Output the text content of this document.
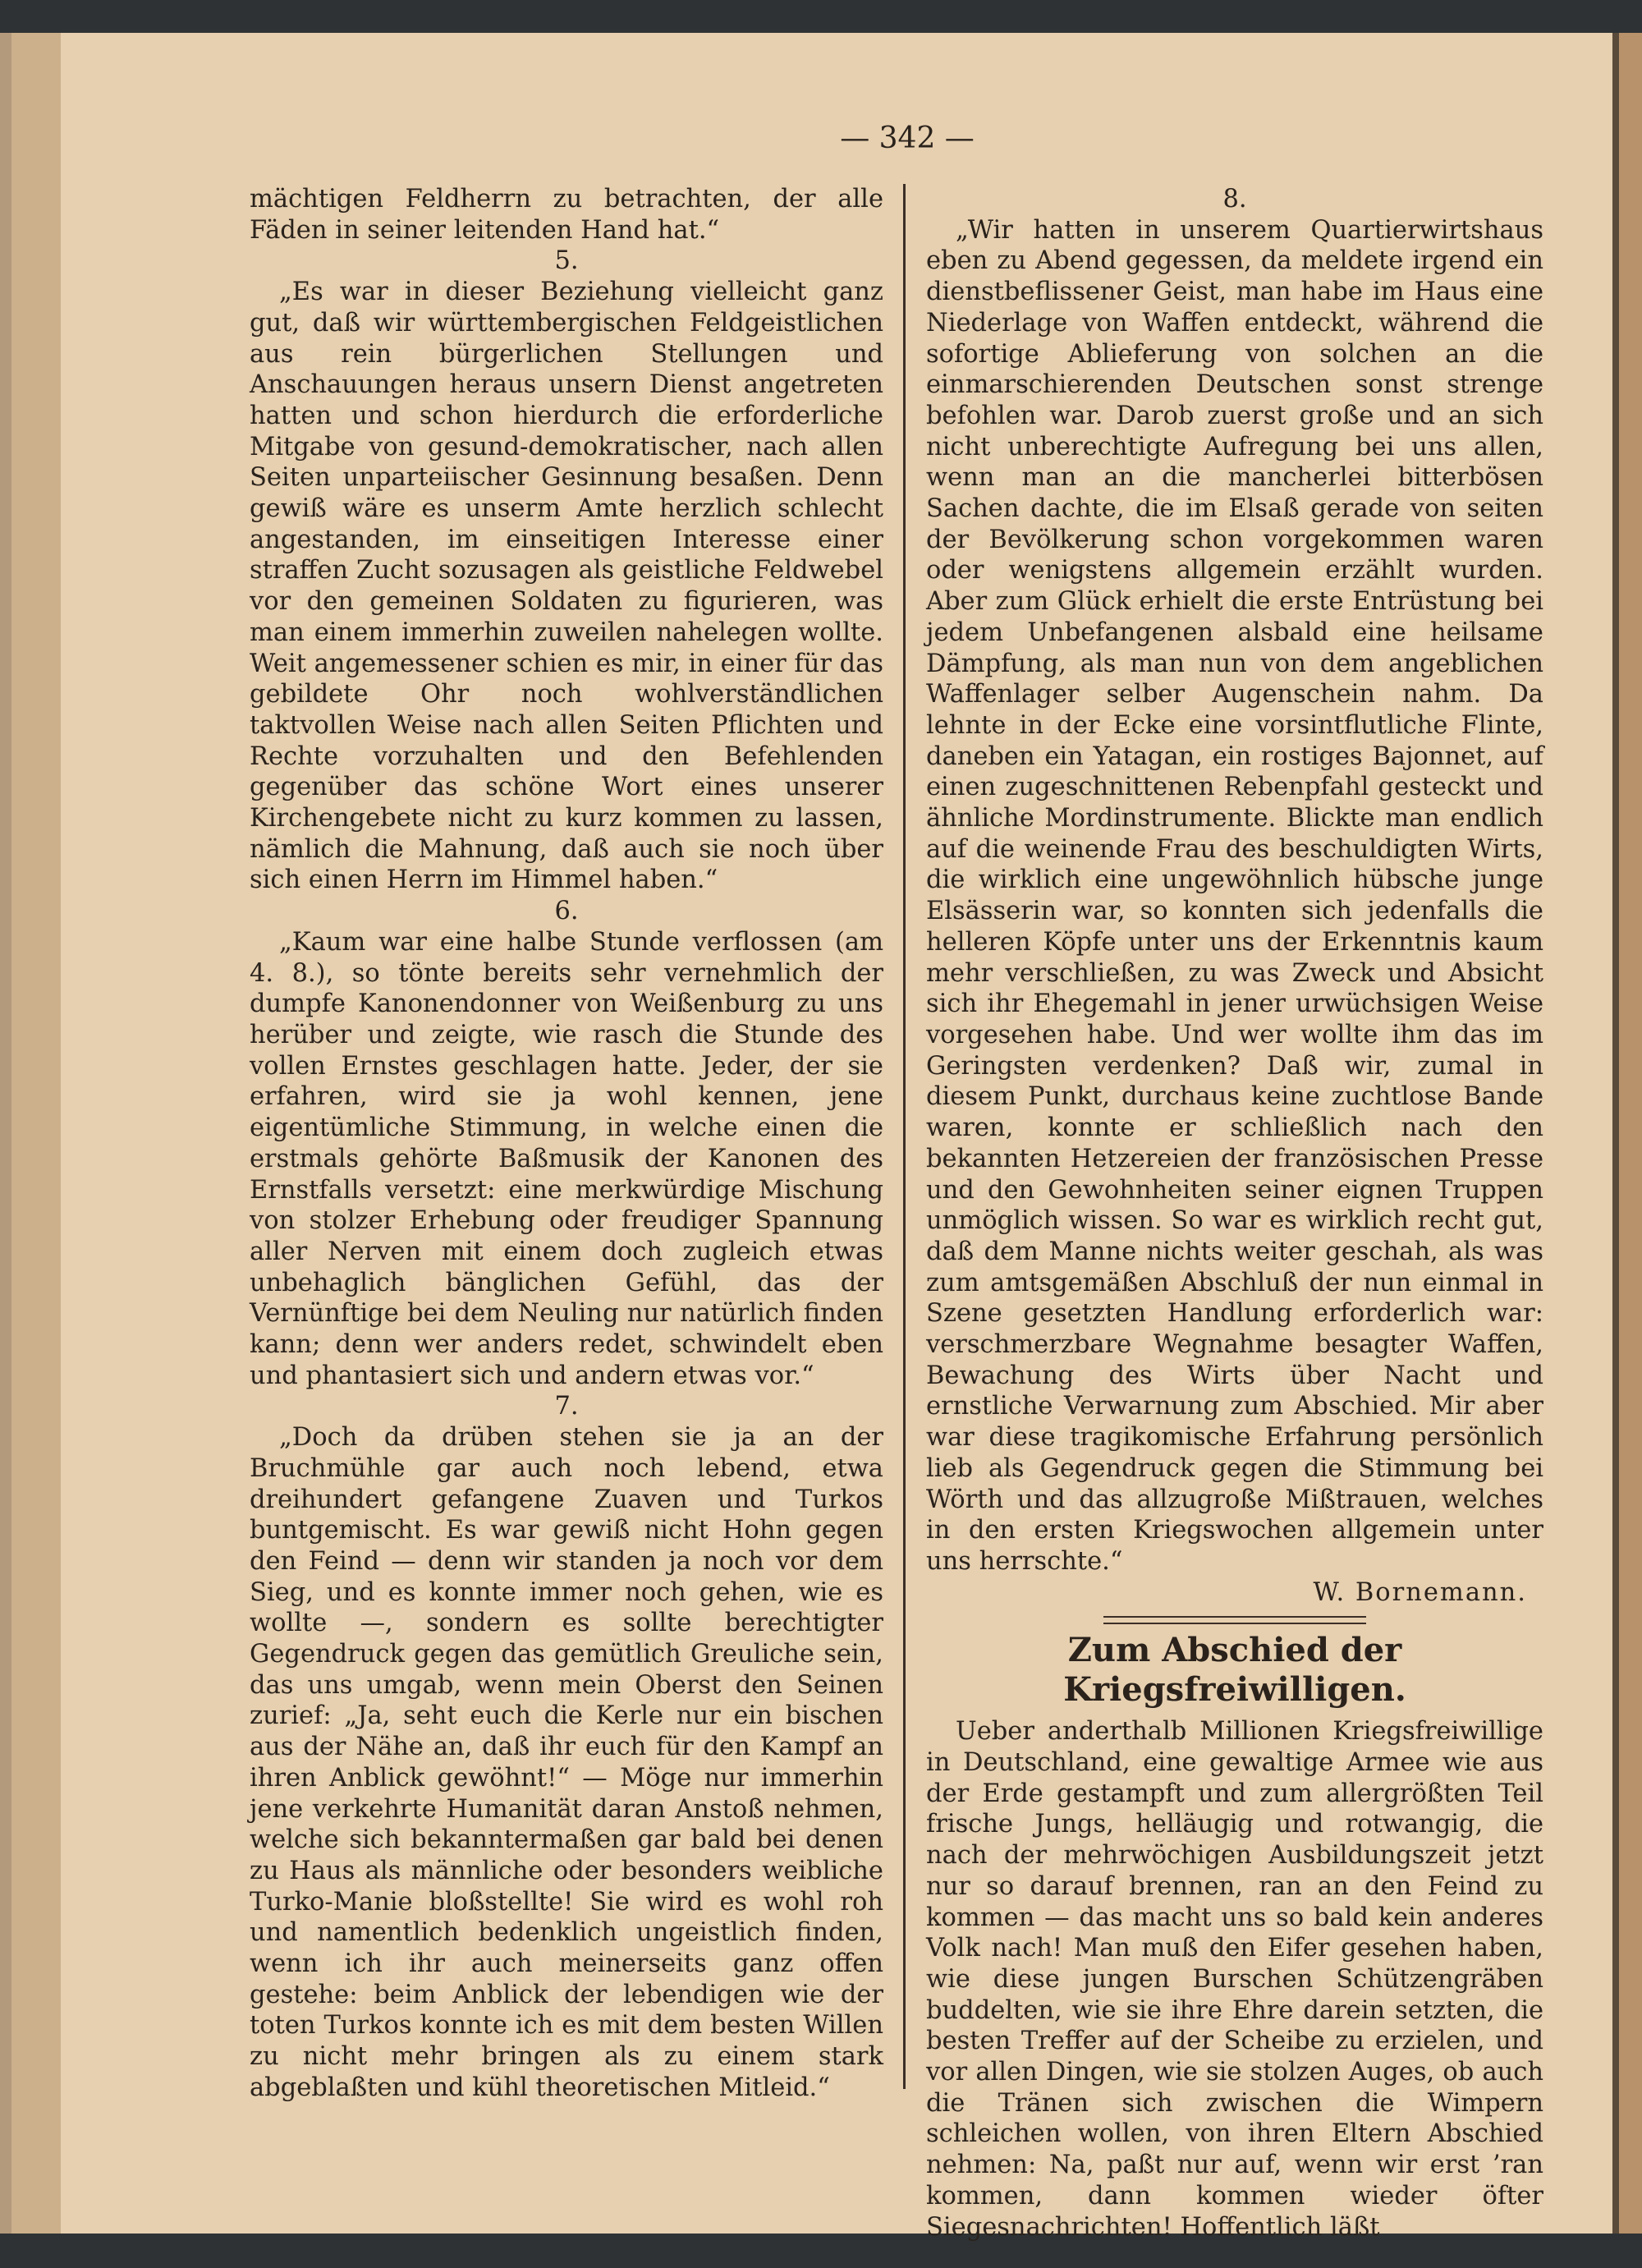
— 342 —

mächtigen Feldherrn zu betrachten, der alle Fäden in seiner leitenden Hand hat.“

5.

„Es war in dieser Beziehung vielleicht ganz gut, daß wir württembergischen Feldgeistlichen aus rein bürgerlichen Stellungen und Anschauungen heraus unsern Dienst angetreten hatten und schon hierdurch die erforderliche Mitgabe von gesund-demokratischer, nach allen Seiten unparteiischer Gesinnung besaßen. Denn gewiß wäre es unserm Amte herzlich schlecht angestanden, im einseitigen Interesse einer straffen Zucht sozusagen als geistliche Feldwebel vor den gemeinen Soldaten zu figurieren, was man einem immerhin zuweilen nahelegen wollte. Weit angemessener schien es mir, in einer für das gebildete Ohr noch wohlverständlichen taktvollen Weise nach allen Seiten Pflichten und Rechte vorzuhalten und den Befehlenden gegenüber das schöne Wort eines unserer Kirchengebete nicht zu kurz kommen zu lassen, nämlich die Mahnung, daß auch sie noch über sich einen Herrn im Himmel haben.“

6.

„Kaum war eine halbe Stunde verflossen (am 4. 8.), so tönte bereits sehr vernehmlich der dumpfe Kanonendonner von Weißenburg zu uns herüber und zeigte, wie rasch die Stunde des vollen Ernstes geschlagen hatte. Jeder, der sie erfahren, wird sie ja wohl kennen, jene eigentümliche Stimmung, in welche einen die erstmals gehörte Baßmusik der Kanonen des Ernstfalls versetzt: eine merkwürdige Mischung von stolzer Erhebung oder freudiger Spannung aller Nerven mit einem doch zugleich etwas unbehaglich bänglichen Gefühl, das der Vernünftige bei dem Neuling nur natürlich finden kann; denn wer anders redet, schwindelt eben und phantasiert sich und andern etwas vor.“

7.

„Doch da drüben stehen sie ja an der Bruchmühle gar auch noch lebend, etwa dreihundert gefangene Zuaven und Turkos buntgemischt. Es war gewiß nicht Hohn gegen den Feind — denn wir standen ja noch vor dem Sieg, und es konnte immer noch gehen, wie es wollte —, sondern es sollte berechtigter Gegendruck gegen das gemütlich Greuliche sein, das uns umgab, wenn mein Oberst den Seinen zurief: „Ja, seht euch die Kerle nur ein bischen aus der Nähe an, daß ihr euch für den Kampf an ihren Anblick gewöhnt!“ — Möge nur immerhin jene verkehrte Humanität daran Anstoß nehmen, welche sich bekanntermaßen gar bald bei denen zu Haus als männliche oder besonders weibliche Turko-Manie bloßstellte! Sie wird es wohl roh und namentlich bedenklich ungeistlich finden, wenn ich ihr auch meinerseits ganz offen gestehe: beim Anblick der lebendigen wie der toten Turkos konnte ich es mit dem besten Willen zu nicht mehr bringen als zu einem stark abgeblaßten und kühl theoretischen Mitleid.“

8.

„Wir hatten in unserem Quartierwirtshaus eben zu Abend gegessen, da meldete irgend ein dienstbeflissener Geist, man habe im Haus eine Niederlage von Waffen entdeckt, während die sofortige Ablieferung von solchen an die einmarschierenden Deutschen sonst strenge befohlen war. Darob zuerst große und an sich nicht unberechtigte Aufregung bei uns allen, wenn man an die mancherlei bitterbösen Sachen dachte, die im Elsaß gerade von seiten der Bevölkerung schon vorgekommen waren oder wenigstens allgemein erzählt wurden. Aber zum Glück erhielt die erste Entrüstung bei jedem Unbefangenen alsbald eine heilsame Dämpfung, als man nun von dem angeblichen Waffenlager selber Augenschein nahm. Da lehnte in der Ecke eine vorsintflutliche Flinte, daneben ein Yatagan, ein rostiges Bajonnet, auf einen zugeschnittenen Rebenpfahl gesteckt und ähnliche Mordinstrumente. Blickte man endlich auf die weinende Frau des beschuldigten Wirts, die wirklich eine ungewöhnlich hübsche junge Elsässerin war, so konnten sich jedenfalls die helleren Köpfe unter uns der Erkenntnis kaum mehr verschließen, zu was Zweck und Absicht sich ihr Ehegemahl in jener urwüchsigen Weise vorgesehen habe. Und wer wollte ihm das im Geringsten verdenken? Daß wir, zumal in diesem Punkt, durchaus keine zuchtlose Bande waren, konnte er schließlich nach den bekannten Hetzereien der französischen Presse und den Gewohnheiten seiner eignen Truppen unmöglich wissen. So war es wirklich recht gut, daß dem Manne nichts weiter geschah, als was zum amtsgemäßen Abschluß der nun einmal in Szene gesetzten Handlung erforderlich war: verschmerzbare Wegnahme besagter Waffen, Bewachung des Wirts über Nacht und ernstliche Verwarnung zum Abschied. Mir aber war diese tragikomische Erfahrung persönlich lieb als Gegendruck gegen die Stimmung bei Wörth und das allzugroße Mißtrauen, welches in den ersten Kriegswochen allgemein unter uns herrschte.“

W. Bornemann.

Zum Abschied der Kriegsfreiwilligen.

Ueber anderthalb Millionen Kriegsfreiwillige in Deutschland, eine gewaltige Armee wie aus der Erde gestampft und zum allergrößten Teil frische Jungs, helläugig und rotwangig, die nach der mehrwöchigen Ausbildungszeit jetzt nur so darauf brennen, ran an den Feind zu kommen — das macht uns so bald kein anderes Volk nach! Man muß den Eifer gesehen haben, wie diese jungen Burschen Schützengräben buddelten, wie sie ihre Ehre darein setzten, die besten Treffer auf der Scheibe zu erzielen, und vor allen Dingen, wie sie stolzen Auges, ob auch die Tränen sich zwischen die Wimpern schleichen wollen, von ihren Eltern Abschied nehmen: Na, paßt nur auf, wenn wir erst ’ran kommen, dann kommen wieder öfter Siegesnachrichten! Hoffentlich läßt
